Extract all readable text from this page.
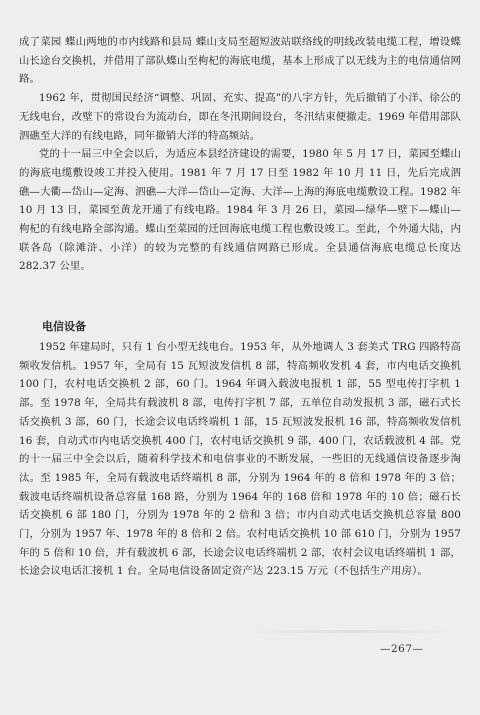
成了菜园 蝶山两地的市内线路和县局 蝶山支局至超短波站联络线的明线改装电缆工程，增设蝶山长途台交换机，并借用了部队蝶山至枸杞的海底电缆，基本上形成了以无线为主的电信通信网路。

1962 年，贯彻国民经济“调整、巩固、充实、提高”的八字方针，先后撤销了小洋、徐公的无线电台，改壁下的常设台为流动台，即在冬汛期间设台，冬汛结束便撤走。1969 年借用部队泗礁至大洋的有线电路，同年撤销大洋的特高频站。

党的十一届三中全会以后，为适应本县经济建设的需要，1980 年 5 月 17 日，菜园至蝶山的海底电缆敷设竣工并投入使用。1981 年 7 月 17 日至 1982 年 10 月 11 日，先后完成泗礁—大衢—岱山—定海、泗礁—大洋—岱山—定海、大洋—上海的海底电缆敷设工程。1982 年 10 月 13 日，菜园至黄龙开通了有线电路。1984 年 3 月 26 日，菜园—绿华—壁下—蝶山—枸杞的有线电路全部沟通。蝶山至菜园的迁回海底电缆工程也敷设竣工。至此，个外通大陆，内联各岛（除滩浒、小洋）的较为完整的有线通信网路已形成。全县通信海底电缆总长度达 282.37 公里。

电信设备

1952 年建局时，只有 1 台小型无线电台。1953 年，从外地调人 3 套美式 TRG 四路特高频收发信机。1957 年，全局有 15 瓦短波发信机 8 部，特高频收发机 4 套，市内电话交换机 100 门，农村电话交换机 2 部，60 门。1964 年调入载波电报机 1 部，55 型电传打字机 1 部。至 1978 年，全局共有载波机 8 部，电传打字机 7 部，五单位自动发报机 3 部，磁石式长话交换机 3 部，60 门，长途会议电话终端机 1 部，15 瓦短波发报机 16 部，特高频收发信机 16 套，自动式市内电话交换机 400 门，农村电话交换机 9 部，400 门，农话载波机 4 部。党的十一届三中全会以后，随着科学技术和电信事业的不断发展，一些旧的无线通信设备逐步淘汰。至 1985 年，全局有载波电话终端机 8 部，分别为 1964 年的 8 倍和 1978 年的 3 倍；载波电话终端机设备总容量 168 路，分别为 1964 年的 168 倍和 1978 年的 10 倍；磁石长话交换机 6 部 180 门，分别为 1978 年的 2 倍和 3 倍；市内自动式电话交换机总容量 800 门，分别为 1957 年、1978 年的 8 倍和 2 倍。农村电话交换机 10 部 610 门，分别为 1957 年的 5 倍和 10 倍，并有载波机 6 部，长途会议电话终端机 2 部，农村会议电话终端机 1 部，长途会议电话汇接机 1 台。全局电信设备固定资产达 223.15 万元（不包括生产用房）。

—267—
